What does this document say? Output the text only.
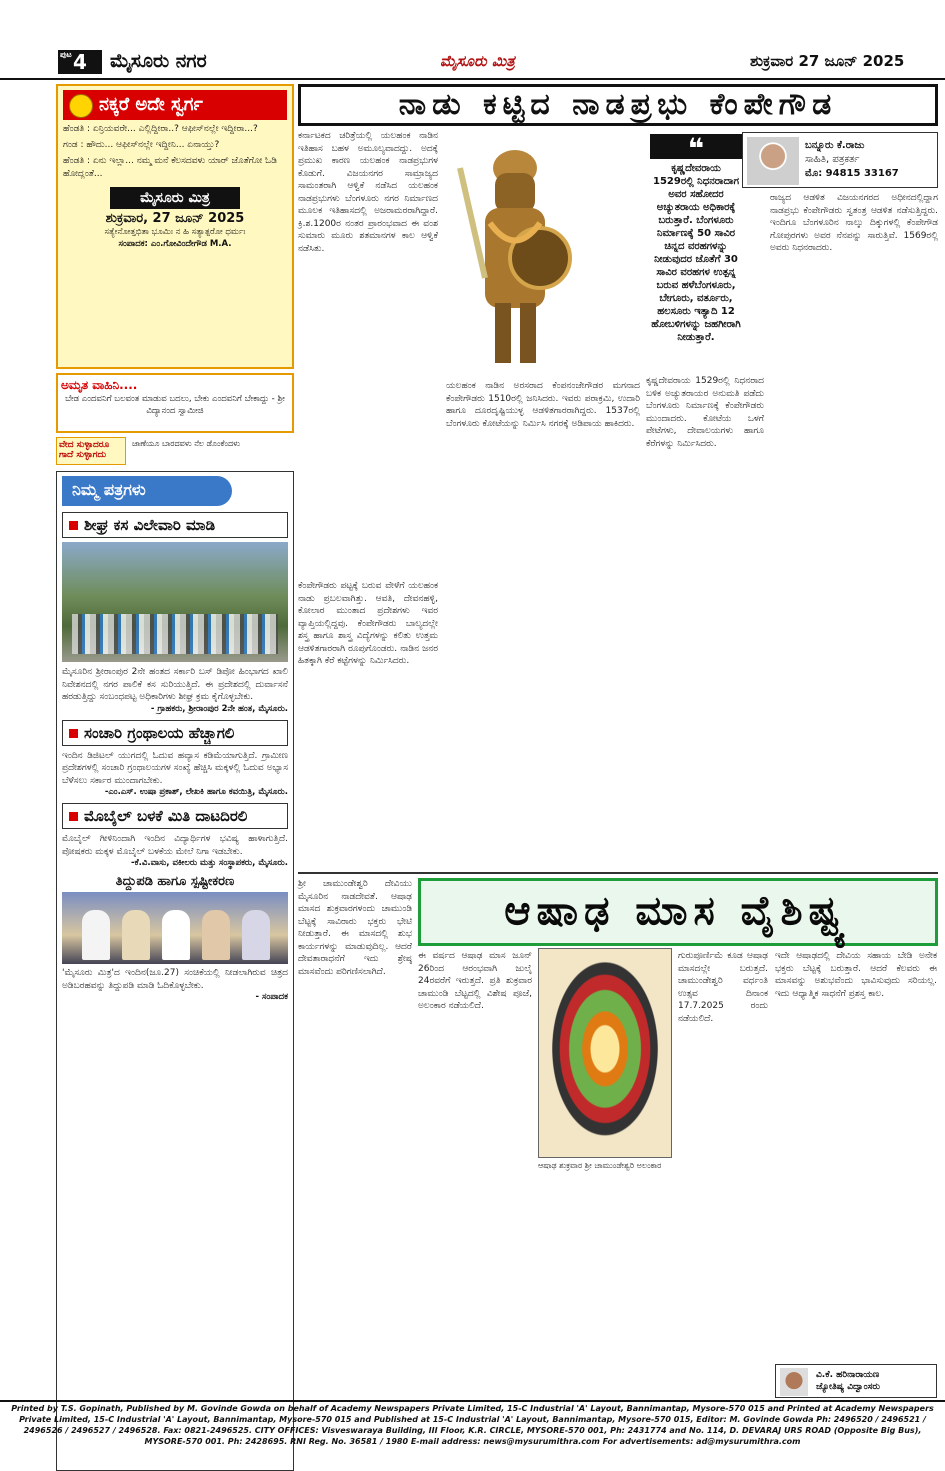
ಪುಟ 4	ಮೈಸೂರು ನಗರ	ಮೈಸೂರು ಮಿತ್ರ	ಶುಕ್ರವಾರ 27 ಜೂನ್ 2025
ನಕ್ಕರೆ ಅದೇ ಸ್ವರ್ಗ

ಹೆಂಡತಿ : ಏನ್ರಿಯವರೇ... ಎಲ್ಲಿದ್ದೀರಾ..? ಆಫೀಸ್‌ನಲ್ಲೇ ಇದ್ದೀರಾ...?

ಗಂಡ : ಹೌದು... ಆಫೀಸ್‌ನಲ್ಲೇ ಇದ್ದೀನಿ... ಏನಾಯ್ತು?

ಹೆಂಡತಿ : ಏನು ಇಲ್ಲಾ... ನಮ್ಮ ಮನೆ ಕೆಲಸದವಳು ಯಾರ್ ಜೊತೆಗೋ ಓಡಿ ಹೋದ್ಲಂತೆ...

ಮೈಸೂರು ಮಿತ್ರ
ಶುಕ್ರವಾರ, 27 ಜೂನ್ 2025
ಸತ್ಯೇನೋತ್ತಭಿತಾ ಭೂಮಿಃ ನ ಹಿ ಸತ್ಯಾತ್ಪರೋ ಧರ್ಮಃ
ಸಂಪಾದಕ: ಎಂ.ಗೋವಿಂದೇಗೌಡ M.A.
ಅಮೃತ ವಾಹಿನಿ....
ಬೇಡ ಎಂದವನಿಗೆ ಬಲವಂತ ಮಾಡುವ ಬದಲು, ಬೇಕು ಎಂದವನಿಗೆ ಬೇಕಾದ್ದು - ಶ್ರೀ ವಿದ್ಯಾನಂದ ಸ್ವಾಮೀಜಿ
ವೇದ ಸುಳ್ಳಾದರೂ ಗಾದೆ ಸುಳ್ಳಾಗದು
ಜಾಣೆಯೂ ಬಾರದವಳು ನೆಲ ಡೊಂಕೆಂದಳು
ನಿಮ್ಮ ಪತ್ರಗಳು
ಶೀಘ್ರ ಕಸ ವಿಲೇವಾರಿ ಮಾಡಿ
ಮೈಸೂರಿನ ಶ್ರೀರಾಂಪುರ 2ನೇ ಹಂತದ ಸರ್ಕಾರಿ ಬಸ್ ಡಿಪೋ ಹಿಂಭಾಗದ ಖಾಲಿ ನಿವೇಶನದಲ್ಲಿ ನಗರ ಪಾಲಿಕೆ ಕಸ ಸುರಿಯುತ್ತಿದೆ. ಈ ಪ್ರದೇಶದಲ್ಲಿ ದುರ್ವಾಸನೆ ಹರಡುತ್ತಿದ್ದು ಸಂಬಂಧಪಟ್ಟ ಅಧಿಕಾರಿಗಳು ಶೀಘ್ರ ಕ್ರಮ ಕೈಗೊಳ್ಳಬೇಕು.
- ಗ್ರಾಹಕರು, ಶ್ರೀರಾಂಪುರ 2ನೇ ಹಂತ, ಮೈಸೂರು.
ಸಂಚಾರಿ ಗ್ರಂಥಾಲಯ ಹೆಚ್ಚಾಗಲಿ
ಇಂದಿನ ಡಿಜಿಟಲ್ ಯುಗದಲ್ಲಿ ಓದುವ ಹವ್ಯಾಸ ಕಡಿಮೆಯಾಗುತ್ತಿದೆ. ಗ್ರಾಮೀಣ ಪ್ರದೇಶಗಳಲ್ಲಿ ಸಂಚಾರಿ ಗ್ರಂಥಾಲಯಗಳ ಸಂಖ್ಯೆ ಹೆಚ್ಚಿಸಿ ಮಕ್ಕಳಲ್ಲಿ ಓದುವ ಅಭ್ಯಾಸ ಬೆಳೆಸಲು ಸರ್ಕಾರ ಮುಂದಾಗಬೇಕು.
-ಎಂ.ಎಸ್. ಉಷಾ ಪ್ರಕಾಶ್, ಲೇಖಕಿ ಹಾಗೂ ಕವಯಿತ್ರಿ, ಮೈಸೂರು.
ಮೊಬೈಲ್ ಬಳಕೆ ಮಿತಿ ದಾಟದಿರಲಿ
ಮೊಬೈಲ್ ಗೀಳಿನಿಂದಾಗಿ ಇಂದಿನ ವಿದ್ಯಾರ್ಥಿಗಳ ಭವಿಷ್ಯ ಹಾಳಾಗುತ್ತಿದೆ. ಪೋಷಕರು ಮಕ್ಕಳ ಮೊಬೈಲ್ ಬಳಕೆಯ ಮೇಲೆ ನಿಗಾ ಇಡಬೇಕು.
-ಕೆ.ವಿ.ವಾಸು, ವಕೀಲರು ಮತ್ತು ಸಂಸ್ಥಾಪಕರು, ಮೈಸೂರು.
ತಿದ್ದುಪಡಿ ಹಾಗೂ ಸ್ಪಷ್ಟೀಕರಣ
'ಮೈಸೂರು ಮಿತ್ರ'ದ ಇಂದಿನ(ಜೂ.27) ಸಂಚಿಕೆಯಲ್ಲಿ ನೀಡಲಾಗಿರುವ ಚಿತ್ರದ ಅಡಿಬರಹವನ್ನು ತಿದ್ದುಪಡಿ ಮಾಡಿ ಓದಿಕೊಳ್ಳಬೇಕು.
- ಸಂಪಾದಕ
ನಾಡು ಕಟ್ಟಿದ ನಾಡಪ್ರಭು ಕೆಂಪೇಗೌಡ
ಕರ್ನಾಟಕದ ಚರಿತ್ರೆಯಲ್ಲಿ ಯಲಹಂಕ ನಾಡಿನ ಇತಿಹಾಸ ಬಹಳ ಅಮೂಲ್ಯವಾದದ್ದು. ಅದಕ್ಕೆ ಪ್ರಮುಖ ಕಾರಣ ಯಲಹಂಕ ನಾಡಪ್ರಭುಗಳ ಕೊಡುಗೆ. ವಿಜಯನಗರ ಸಾಮ್ರಾಜ್ಯದ ಸಾಮಂತರಾಗಿ ಆಳ್ವಿಕೆ ನಡೆಸಿದ ಯಲಹಂಕ ನಾಡಪ್ರಭುಗಳು ಬೆಂಗಳೂರು ನಗರ ನಿರ್ಮಾಣದ ಮೂಲಕ ಇತಿಹಾಸದಲ್ಲಿ ಅಜರಾಮರರಾಗಿದ್ದಾರೆ. ಕ್ರಿ.ಶ.1200ರ ನಂತರ ಪ್ರಾರಂಭವಾದ ಈ ವಂಶ ಸುಮಾರು ಮೂರು ಶತಮಾನಗಳ ಕಾಲ ಆಳ್ವಿಕೆ ನಡೆಸಿತು.
ಕೆಂಪೇಗೌಡರು ಪಟ್ಟಕ್ಕೆ ಬರುವ ವೇಳೆಗೆ ಯಲಹಂಕ ನಾಡು ಪ್ರಬಲವಾಗಿತ್ತು. ಆವತಿ, ದೇವನಹಳ್ಳಿ, ಕೋಲಾರ ಮುಂತಾದ ಪ್ರದೇಶಗಳು ಇವರ ವ್ಯಾಪ್ತಿಯಲ್ಲಿದ್ದವು. ಕೆಂಪೇಗೌಡರು ಬಾಲ್ಯದಲ್ಲೇ ಶಸ್ತ್ರ ಹಾಗೂ ಶಾಸ್ತ್ರ ವಿದ್ಯೆಗಳನ್ನು ಕಲಿತು ಉತ್ತಮ ಆಡಳಿತಗಾರರಾಗಿ ರೂಪುಗೊಂಡರು. ನಾಡಿನ ಜನರ ಹಿತಕ್ಕಾಗಿ ಕೆರೆ ಕಟ್ಟೆಗಳನ್ನು ನಿರ್ಮಿಸಿದರು.
ಯಲಹಂಕ ನಾಡಿನ ಅರಸರಾದ ಕೆಂಪನಂಜೇಗೌಡರ ಮಗನಾದ ಕೆಂಪೇಗೌಡರು 1510ರಲ್ಲಿ ಜನಿಸಿದರು. ಇವರು ಪರಾಕ್ರಮಿ, ಉದಾರಿ ಹಾಗೂ ದೂರದೃಷ್ಟಿಯುಳ್ಳ ಆಡಳಿತಗಾರರಾಗಿದ್ದರು. 1537ರಲ್ಲಿ ಬೆಂಗಳೂರು ಕೋಟೆಯನ್ನು ನಿರ್ಮಿಸಿ ನಗರಕ್ಕೆ ಅಡಿಪಾಯ ಹಾಕಿದರು.
❝
ಕೃಷ್ಣದೇವರಾಯ 1529ರಲ್ಲಿ ನಿಧನರಾದಾಗ ಅವರ ಸಹೋದರ ಅಚ್ಯುತರಾಯ ಅಧಿಕಾರಕ್ಕೆ ಬರುತ್ತಾರೆ. ಬೆಂಗಳೂರು ನಿರ್ಮಾಣಕ್ಕೆ 50 ಸಾವಿರ ಚಿನ್ನದ ವರಹಗಳನ್ನು ನೀಡುವುದರ ಜೊತೆಗೆ 30 ಸಾವಿರ ವರಹಗಳ ಉತ್ಪನ್ನ ಬರುವ ಹಳೆಬೆಂಗಳೂರು, ಬೇಗೂರು, ವರ್ತೂರು, ಹಲಸೂರು ಇತ್ಯಾದಿ 12 ಹೋಬಳಿಗಳನ್ನು ಜಹಗೀರಾಗಿ ನೀಡುತ್ತಾರೆ.
ಬನ್ನೂರು ಕೆ.ರಾಜು
ಸಾಹಿತಿ, ಪತ್ರಕರ್ತ
ಮೊ: 94815 33167
ಕೃಷ್ಣದೇವರಾಯ 1529ರಲ್ಲಿ ನಿಧನರಾದ ಬಳಿಕ ಅಚ್ಯುತರಾಯರ ಅನುಮತಿ ಪಡೆದು ಬೆಂಗಳೂರು ನಿರ್ಮಾಣಕ್ಕೆ ಕೆಂಪೇಗೌಡರು ಮುಂದಾದರು. ಕೋಟೆಯ ಒಳಗೆ ಪೇಟೆಗಳು, ದೇವಾಲಯಗಳು ಹಾಗೂ ಕೆರೆಗಳನ್ನು ನಿರ್ಮಿಸಿದರು.
ರಾಜ್ಯದ ಆಡಳಿತ ವಿಜಯನಗರದ ಅಧೀನದಲ್ಲಿದ್ದಾಗ ನಾಡಪ್ರಭು ಕೆಂಪೇಗೌಡರು ಸ್ವತಂತ್ರ ಆಡಳಿತ ನಡೆಸುತ್ತಿದ್ದರು. ಇಂದಿಗೂ ಬೆಂಗಳೂರಿನ ನಾಲ್ಕು ದಿಕ್ಕುಗಳಲ್ಲಿ ಕೆಂಪೇಗೌಡ ಗೋಪುರಗಳು ಅವರ ನೆನಪನ್ನು ಸಾರುತ್ತಿವೆ. 1569ರಲ್ಲಿ ಅವರು ನಿಧನರಾದರು.
ಶ್ರೀ ಚಾಮುಂಡೇಶ್ವರಿ ದೇವಿಯು ಮೈಸೂರಿನ ನಾಡದೇವತೆ. ಆಷಾಢ ಮಾಸದ ಶುಕ್ರವಾರಗಳಂದು ಚಾಮುಂಡಿ ಬೆಟ್ಟಕ್ಕೆ ಸಾವಿರಾರು ಭಕ್ತರು ಭೇಟಿ ನೀಡುತ್ತಾರೆ. ಈ ಮಾಸದಲ್ಲಿ ಶುಭ ಕಾರ್ಯಗಳನ್ನು ಮಾಡುವುದಿಲ್ಲ. ಆದರೆ ದೇವತಾರಾಧನೆಗೆ ಇದು ಶ್ರೇಷ್ಠ ಮಾಸವೆಂದು ಪರಿಗಣಿಸಲಾಗಿದೆ.
ಆಷಾಢ ಮಾಸ ವೈಶಿಷ್ಟ್ಯ
ಈ ವರ್ಷದ ಆಷಾಢ ಮಾಸ ಜೂನ್ 26ರಿಂದ ಆರಂಭವಾಗಿ ಜುಲೈ 24ರವರೆಗೆ ಇರುತ್ತದೆ. ಪ್ರತಿ ಶುಕ್ರವಾರ ಚಾಮುಂಡಿ ಬೆಟ್ಟದಲ್ಲಿ ವಿಶೇಷ ಪೂಜೆ, ಅಲಂಕಾರ ನಡೆಯಲಿದೆ.
ಆಷಾಢ ಶುಕ್ರವಾರ ಶ್ರೀ ಚಾಮುಂಡೇಶ್ವರಿ ಅಲಂಕಾರ
ಗುರುಪೂರ್ಣಿಮೆ ಕೂಡ ಆಷಾಢ ಮಾಸದಲ್ಲೇ ಬರುತ್ತದೆ. ಚಾಮುಂಡೇಶ್ವರಿ ವರ್ಧಂತಿ ಉತ್ಸವ ದಿನಾಂಕ 17.7.2025 ರಂದು ನಡೆಯಲಿದೆ.
ಇದೇ ಆಷಾಢದಲ್ಲಿ ದೇವಿಯ ಸಹಾಯ ಬೇಡಿ ಅನೇಕ ಭಕ್ತರು ಬೆಟ್ಟಕ್ಕೆ ಬರುತ್ತಾರೆ. ಆದರೆ ಕೆಲವರು ಈ ಮಾಸವನ್ನು ಅಶುಭವೆಂದು ಭಾವಿಸುವುದು ಸರಿಯಲ್ಲ. ಇದು ಆಧ್ಯಾತ್ಮಿಕ ಸಾಧನೆಗೆ ಪ್ರಶಸ್ತ ಕಾಲ.
ವಿ.ಕೆ. ಹರಿನಾರಾಯಣ
ಜ್ಯೋತಿಷ್ಯ ವಿದ್ವಾಂಸರು
Printed by T.S. Gopinath, Published by M. Govinde Gowda on behalf of Academy Newspapers Private Limited, 15-C Industrial 'A' Layout, Bannimantap, Mysore-570 015 and Printed at Academy Newspapers Private Limited, 15-C Industrial 'A' Layout, Bannimantap, Mysore-570 015 and Published at 15-C Industrial 'A' Layout, Bannimantap, Mysore-570 015, Editor: M. Govinde Gowda Ph: 2496520 / 2496521 / 2496526 / 2496527 / 2496528. Fax: 0821-2496525. CITY OFFICES: Visveswaraya Building, III Floor, K.R. CIRCLE, MYSORE-570 001, Ph: 2431774 and No. 114, D. DEVARAJ URS ROAD (Opposite Big Bus), MYSORE-570 001. Ph: 2428695. RNI Reg. No. 36581 / 1980 E-mail address: news@mysurumithra.com For advertisements: ad@mysurumithra.com
